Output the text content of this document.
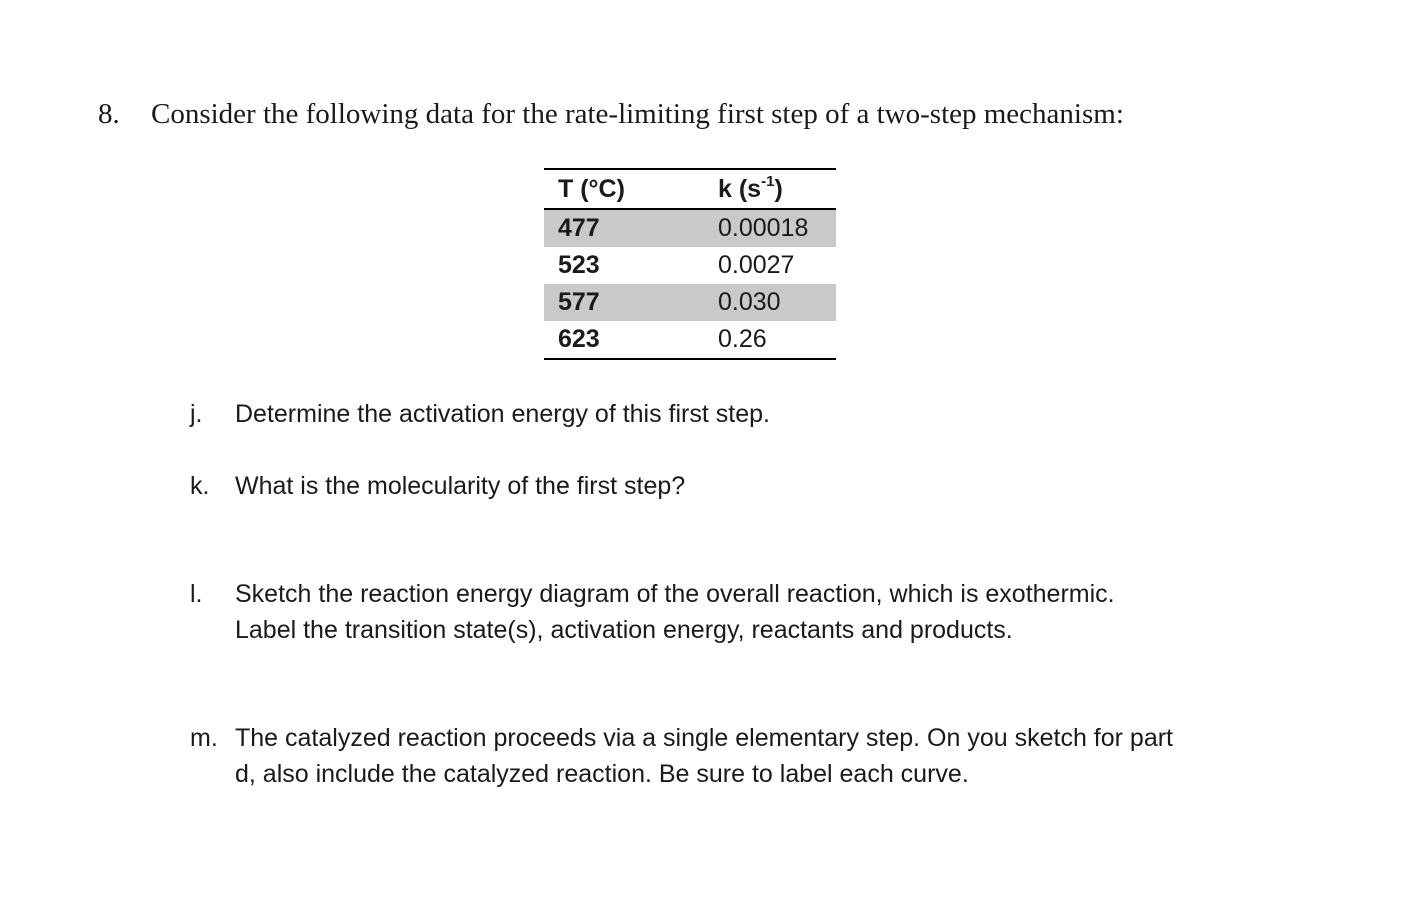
8. Consider the following data for the rate-limiting first step of a two-step mechanism:
T (°C)	k $(s^{-1})$
477	0.00018
523	0.0027
577	0.030
623	0.26
j. Determine the activation energy of this first step.
k. What is the molecularity of the first step?
l. Sketch the reaction energy diagram of the overall reaction, which is exothermic.
Label the transition state(s), activation energy, reactants and products.
m. The catalyzed reaction proceeds via a single elementary step. On you sketch for part
d, also include the catalyzed reaction. Be sure to label each curve.
